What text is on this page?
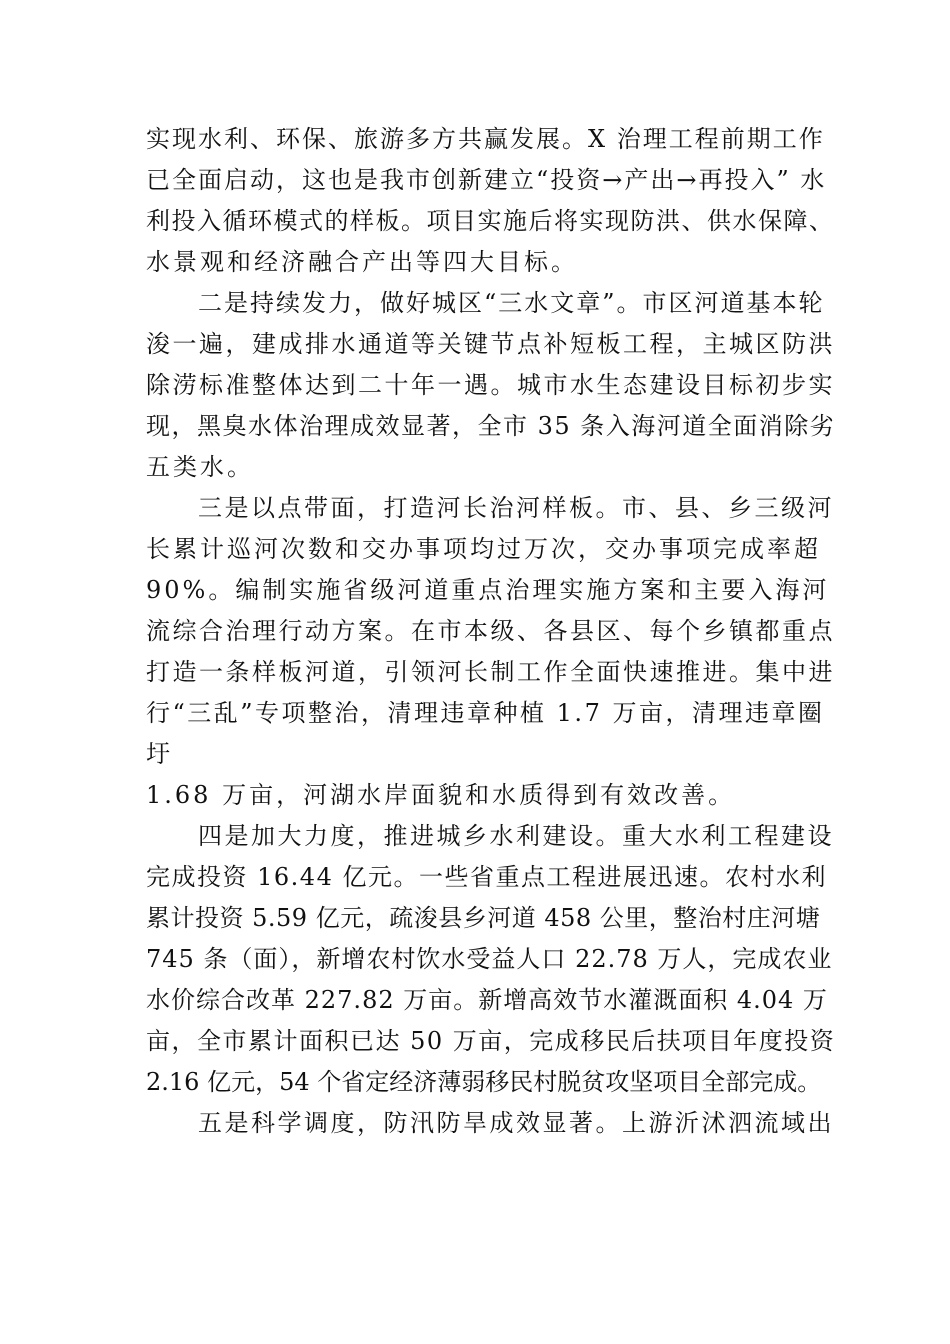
实现水利、环保、旅游多方共赢发展。X 治理工程前期工作
已全面启动，这也是我市创新建立“投资→产出→再投入” 水
利投入循环模式的样板。项目实施后将实现防洪、供水保障、
水景观和经济融合产出等四大目标。
二是持续发力，做好城区“三水文章”。市区河道基本轮
浚一遍，建成排水通道等关键节点补短板工程，主城区防洪
除涝标准整体达到二十年一遇。城市水生态建设目标初步实
现，黑臭水体治理成效显著，全市 35 条入海河道全面消除劣
五类水。
三是以点带面，打造河长治河样板。市、县、乡三级河
长累计巡河次数和交办事项均过万次，交办事项完成率超
90%。编制实施省级河道重点治理实施方案和主要入海河
流综合治理行动方案。在市本级、各县区、每个乡镇都重点
打造一条样板河道，引领河长制工作全面快速推进。集中进
行“三乱”专项整治，清理违章种植 1.7 万亩，清理违章圈
圩
1.68 万亩，河湖水岸面貌和水质得到有效改善。
四是加大力度，推进城乡水利建设。重大水利工程建设
完成投资 16.44 亿元。一些省重点工程进展迅速。农村水利
累计投资 5.59 亿元，疏浚县乡河道 458 公里，整治村庄河塘
745 条（面），新增农村饮水受益人口 22.78 万人，完成农业
水价综合改革 227.82 万亩。新增高效节水灌溉面积 4.04 万
亩，全市累计面积已达 50 万亩，完成移民后扶项目年度投资
2.16 亿元，54 个省定经济薄弱移民村脱贫攻坚项目全部完成。
五是科学调度，防汛防旱成效显著。上游沂沭泗流域出
